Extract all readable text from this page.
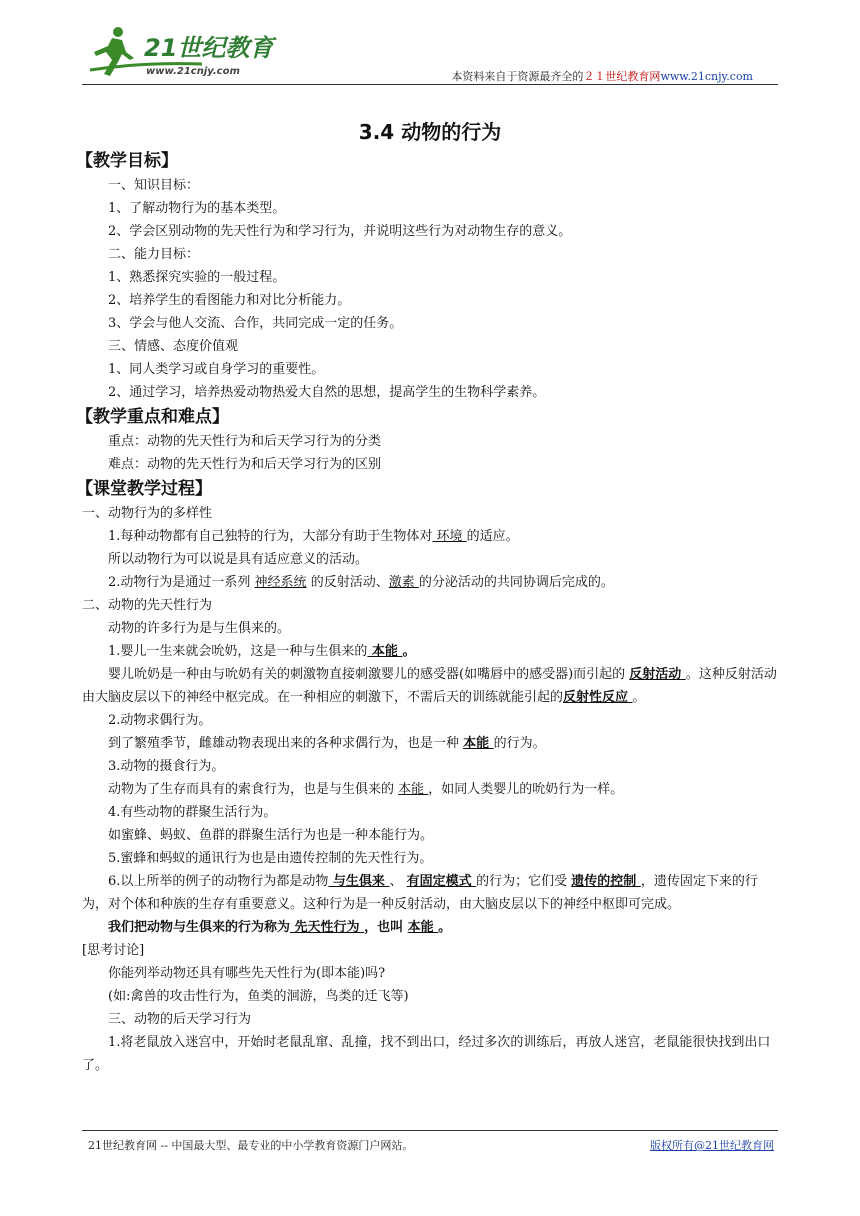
21世纪教育
www.21cnjy.com	本资料来自于资源最齐全的２１世纪教育网www.21cnjy.com
3.4 动物的行为
【教学目标】
一、知识目标：
1、了解动物行为的基本类型。
2、学会区别动物的先天性行为和学习行为，并说明这些行为对动物生存的意义。
二、能力目标：
1、熟悉探究实验的一般过程。
2、培养学生的看图能力和对比分析能力。
3、学会与他人交流、合作，共同完成一定的任务。
三、情感、态度价值观
1、同人类学习或自身学习的重要性。
2、通过学习，培养热爱动物热爱大自然的思想，提高学生的生物科学素养。
【教学重点和难点】
重点：动物的先天性行为和后天学习行为的分类
难点：动物的先天性行为和后天学习行为的区别
【课堂教学过程】
一、动物行为的多样性
1.每种动物都有自己独特的行为，大部分有助于生物体对 环境 的适应。
所以动物行为可以说是具有适应意义的活动。
2.动物行为是通过一系列 神经系统 的反射活动、激素 的分泌活动的共同协调后完成的。
二、动物的先天性行为
动物的许多行为是与生俱来的。
1.婴儿一生来就会吮奶，这是一种与生俱来的 本能 。
婴儿吮奶是一种由与吮奶有关的刺激物直接刺激婴儿的感受器(如嘴唇中的感受器)而引起的 反射活动 。这种反射活动由大脑皮层以下的神经中枢完成。在一种相应的刺激下，不需后天的训练就能引起的反射性反应 。
2.动物求偶行为。
到了繁殖季节，雌雄动物表现出来的各种求偶行为，也是一种 本能 的行为。
3.动物的摄食行为。
动物为了生存而具有的索食行为，也是与生俱来的 本能 ，如同人类婴儿的吮奶行为一样。
4.有些动物的群聚生活行为。
如蜜蜂、蚂蚁、鱼群的群聚生活行为也是一种本能行为。
5.蜜蜂和蚂蚁的通讯行为也是由遗传控制的先天性行为。
6.以上所举的例子的动物行为都是动物 与生俱来 、 有固定模式 的行为；它们受 遗传的控制 ，遗传固定下来的行为，对个体和种族的生存有重要意义。这种行为是一种反射活动，由大脑皮层以下的神经中枢即可完成。
我们把动物与生俱来的行为称为 先天性行为 ，也叫 本能 。
[思考讨论]
你能列举动物还具有哪些先天性行为(即本能)吗?
(如:禽兽的攻击性行为，鱼类的洄游，鸟类的迁飞等)
三、动物的后天学习行为
1.将老鼠放入迷宫中，开始时老鼠乱窜、乱撞，找不到出口，经过多次的训练后，再放人迷宫，老鼠能很快找到出口了。
21世纪教育网 -- 中国最大型、最专业的中小学教育资源门户网站。	版权所有@21世纪教育网
